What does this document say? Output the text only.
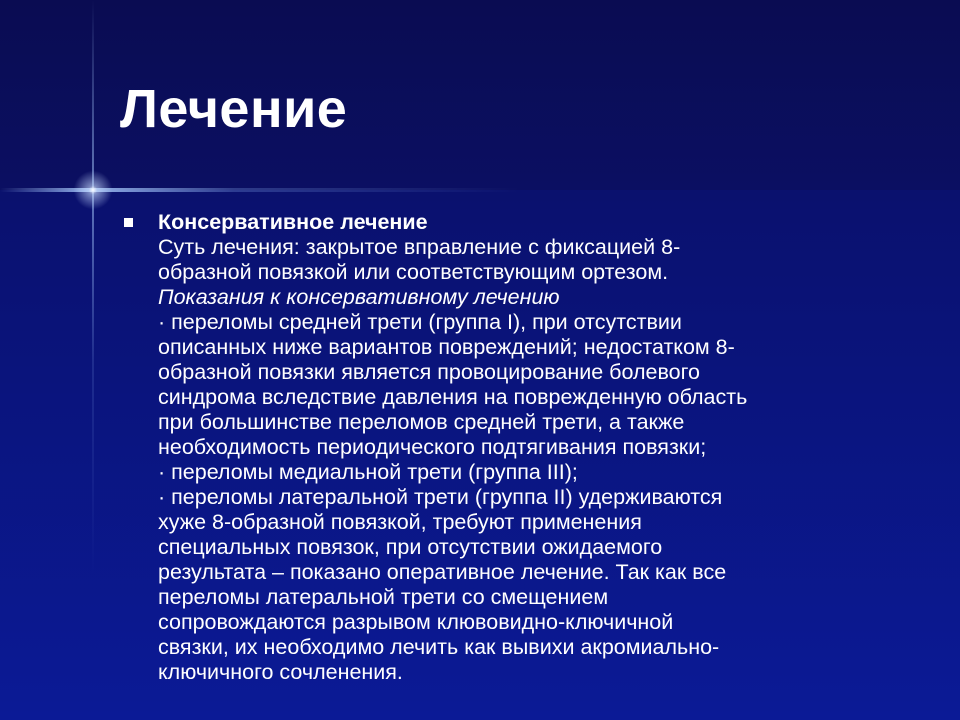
Лечение
Консервативное лечение
Суть лечения: закрытое вправление с фиксацией 8-
образной повязкой или соответствующим ортезом.
Показания к консервативному лечению
· переломы средней трети (группа I), при отсутствии
описанных ниже вариантов повреждений; недостатком 8-
образной повязки является провоцирование болевого
синдрома вследствие давления на поврежденную область
при большинстве переломов средней трети, а также
необходимость периодического подтягивания повязки;
· переломы медиальной трети (группа III);
· переломы латеральной трети (группа II) удерживаются
хуже 8-образной повязкой, требуют применения
специальных повязок, при отсутствии ожидаемого
результата – показано оперативное лечение. Так как все
переломы латеральной трети со смещением
сопровождаются разрывом клювовидно-ключичной
связки, их необходимо лечить как вывихи акромиально-
ключичного сочленения.
